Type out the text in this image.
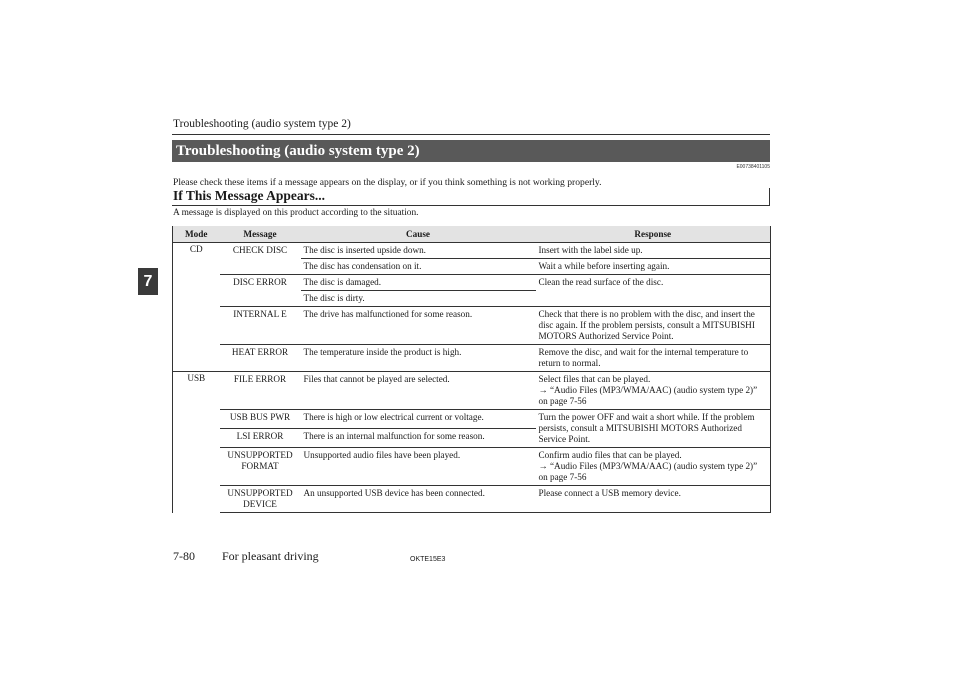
Troubleshooting (audio system type 2)
7
Troubleshooting (audio system type 2)
E00738401105
Please check these items if a message appears on the display, or if you think something is not working properly.
If This Message Appears...
A message is displayed on this product according to the situation.
Mode	Message	Cause	Response
CD	CHECK DISC	The disc is inserted upside down.	Insert with the label side up.
		The disc has condensation on it.	Wait a while before inserting again.
	DISC ERROR	The disc is damaged.	Clean the read surface of the disc.
		The disc is dirty.	
	INTERNAL E	The drive has malfunctioned for some reason.	Check that there is no problem with the disc, and insert the disc again. If the problem persists, consult a MITSUBISHI MOTORS Authorized Service Point.
	HEAT ERROR	The temperature inside the product is high.	Remove the disc, and wait for the internal temperature to return to normal.
USB	FILE ERROR	Files that cannot be played are selected.	Select files that can be played.
→ “Audio Files (MP3/WMA/AAC) (audio system type 2)” on page 7-56

	USB BUS PWR	There is high or low electrical current or voltage.	Turn the power OFF and wait a short while. If the problem persists, consult a MITSUBISHI MOTORS Authorized Service Point.
	LSI ERROR	There is an internal malfunction for some reason.	

	UNSUPPORTED
FORMAT	Unsupported audio files have been played.	Confirm audio files that can be played.
→ “Audio Files (MP3/WMA/AAC) (audio system type 2)” on page 7-56

	UNSUPPORTED
DEVICE	An unsupported USB device has been connected.	Please connect a USB memory device.
7-80 For pleasant driving	OKTE15E3
